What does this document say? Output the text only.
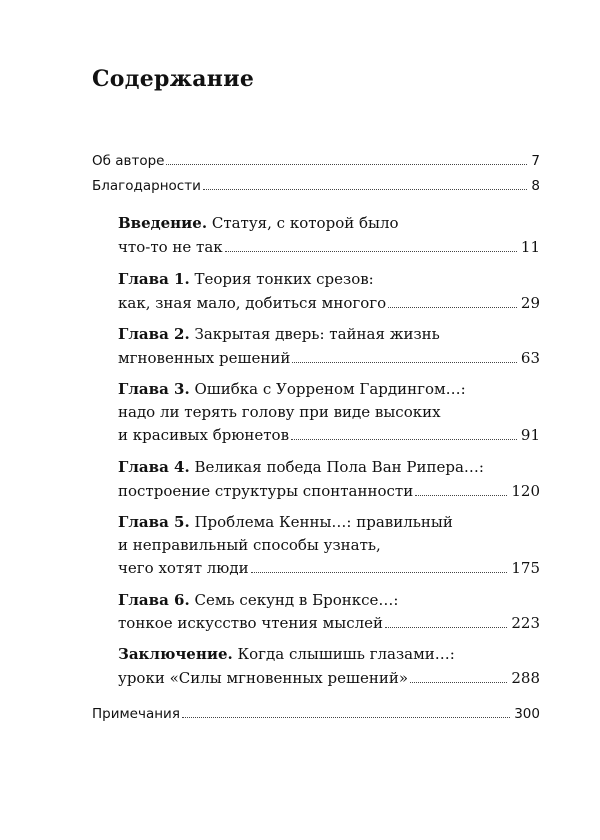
Содержание
Об авторе	7
Благодарности	8
Введение. Статуя, с которой было
что-то не так	11
Глава 1. Теория тонких срезов:
как, зная мало, добиться многого	29
Глава 2. Закрытая дверь: тайная жизнь
мгновенных решений	63
Глава 3. Ошибка с Уорреном Гардингом…:
надо ли терять голову при виде высоких
и красивых брюнетов	91
Глава 4. Великая победа Пола Ван Рипера…:
построение структуры спонтанности	120
Глава 5. Проблема Кенны…: правильный
и неправильный способы узнать,
чего хотят люди	175
Глава 6. Семь секунд в Бронксе…:
тонкое искусство чтения мыслей	223
Заключение. Когда слышишь глазами…:
уроки «Силы мгновенных решений»	288
Примечания	300
